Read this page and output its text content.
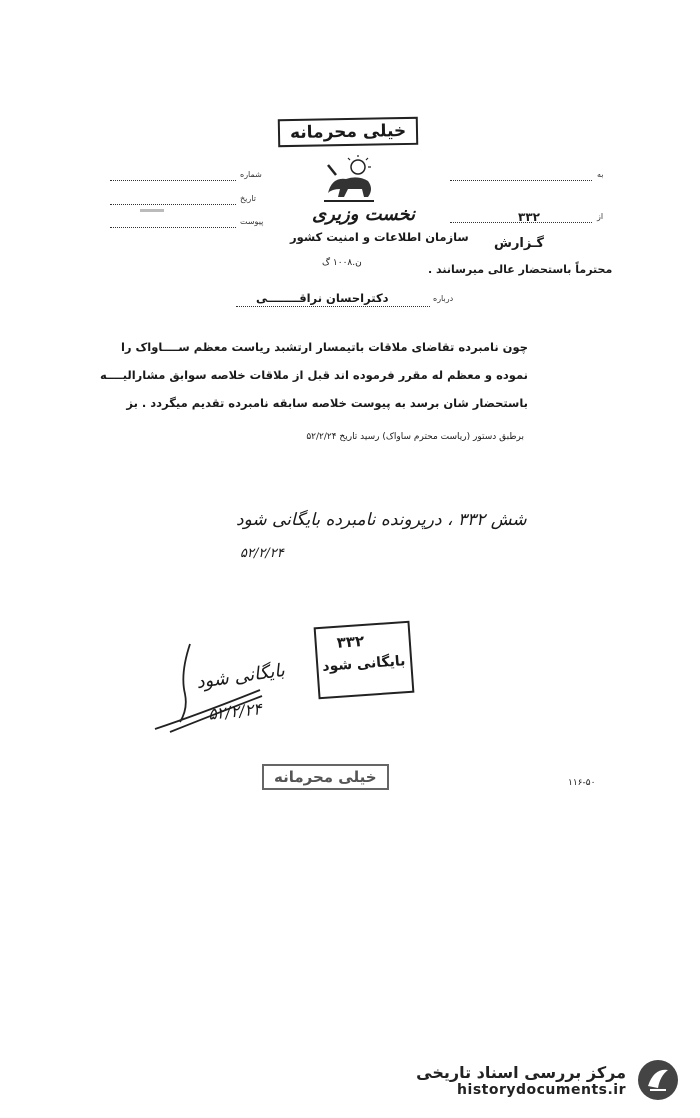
خیلی محرمانه
نخست وزیری
سازمان اطلاعات و امنیت کشور
ن.۱۰۰۸ گ
شماره
تاریخ
پیوست
به
از
۳۳۲
گـزارش
محترماً باستحضار عالی میرسانند .
درباره
دکتراحسان نراقــــــــی
چون نامبرده تقاضای ملاقات باتیمسار ارتشبد ریاست معظم ســــاواک را
نموده و معظم له مقرر فرموده اند قبل از ملاقات خلاصه سوابق مشارالیــــه
باستحضار شان برسد به پیوست خلاصه سابقه نامبرده تقدیم میگردد . بز
برطبق دستور (ریاست محترم ساواک) رسید تاریخ ۵۲/۲/۲۴
شش ۳۳۲ ، درپرونده نامبرده بایگانی شود
۵۲/۲/۲۴
۳۳۲
بایگانی شود
بایگانی شود
۵۲/۲/۲۴
خیلی محرمانه	۱۱۶-۵۰
مرکز بررسی اسناد تاریخی
historydocuments.ir
